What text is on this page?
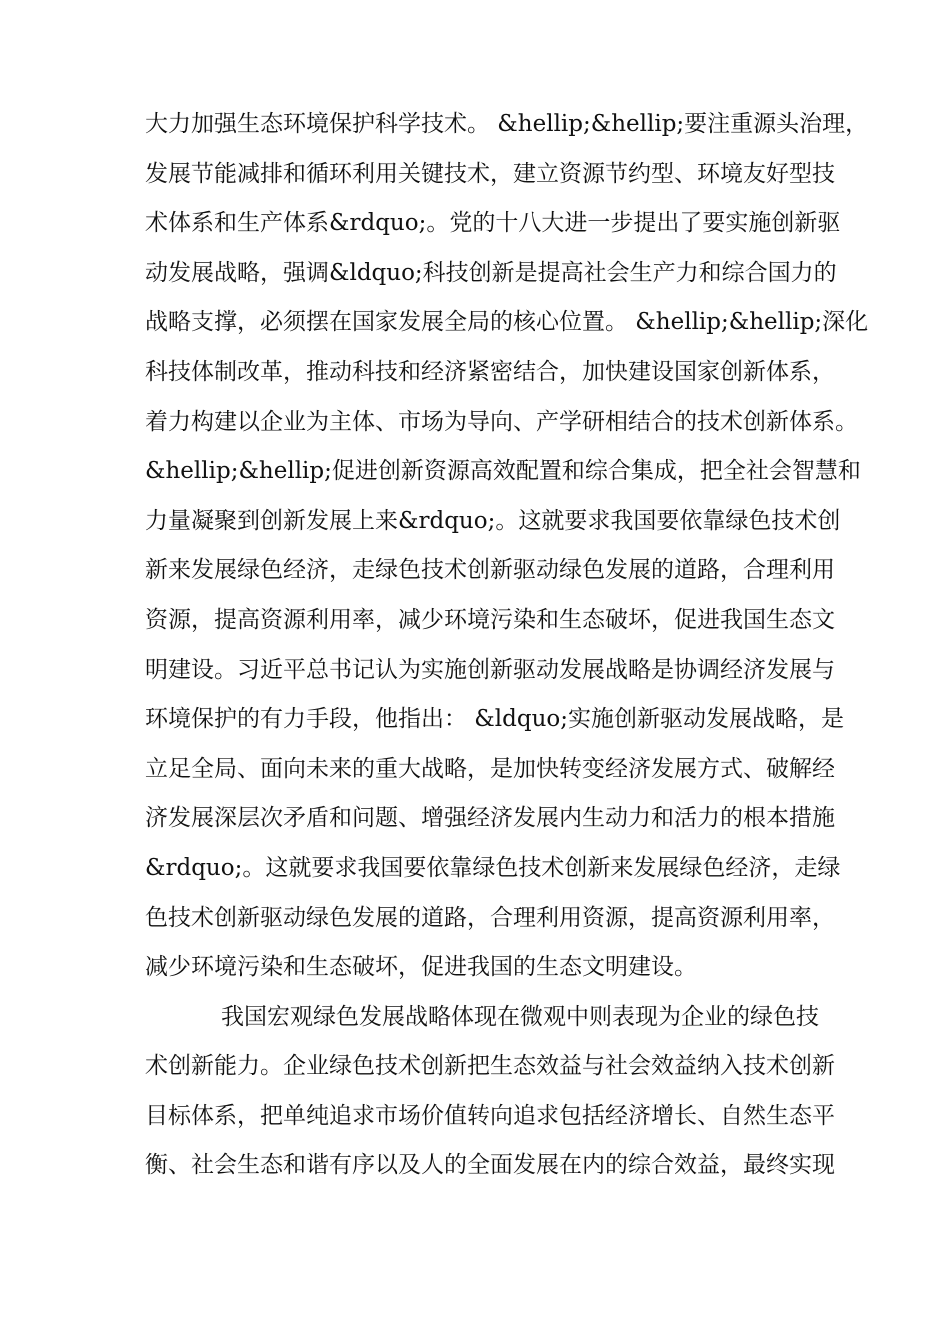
大力加强生态环境保护科学技术。 &hellip;&hellip;要注重源头治理，
发展节能减排和循环利用关键技术，建立资源节约型、环境友好型技
术体系和生产体系&rdquo;。党的十八大进一步提出了要实施创新驱
动发展战略，强调&ldquo;科技创新是提高社会生产力和综合国力的
战略支撑，必须摆在国家发展全局的核心位置。 &hellip;&hellip;深化
科技体制改革，推动科技和经济紧密结合，加快建设国家创新体系，
着力构建以企业为主体、市场为导向、产学研相结合的技术创新体系。
&hellip;&hellip;促进创新资源高效配置和综合集成，把全社会智慧和
力量凝聚到创新发展上来&rdquo;。这就要求我国要依靠绿色技术创
新来发展绿色经济，走绿色技术创新驱动绿色发展的道路，合理利用
资源，提高资源利用率，减少环境污染和生态破坏，促进我国生态文
明建设。习近平总书记认为实施创新驱动发展战略是协调经济发展与
环境保护的有力手段，他指出： &ldquo;实施创新驱动发展战略，是
立足全局、面向未来的重大战略，是加快转变经济发展方式、破解经
济发展深层次矛盾和问题、增强经济发展内生动力和活力的根本措施
&rdquo;。这就要求我国要依靠绿色技术创新来发展绿色经济，走绿
色技术创新驱动绿色发展的道路，合理利用资源，提高资源利用率，
减少环境污染和生态破坏，促进我国的生态文明建设。
我国宏观绿色发展战略体现在微观中则表现为企业的绿色技
术创新能力。企业绿色技术创新把生态效益与社会效益纳入技术创新
目标体系，把单纯追求市场价值转向追求包括经济增长、自然生态平
衡、社会生态和谐有序以及人的全面发展在内的综合效益，最终实现
